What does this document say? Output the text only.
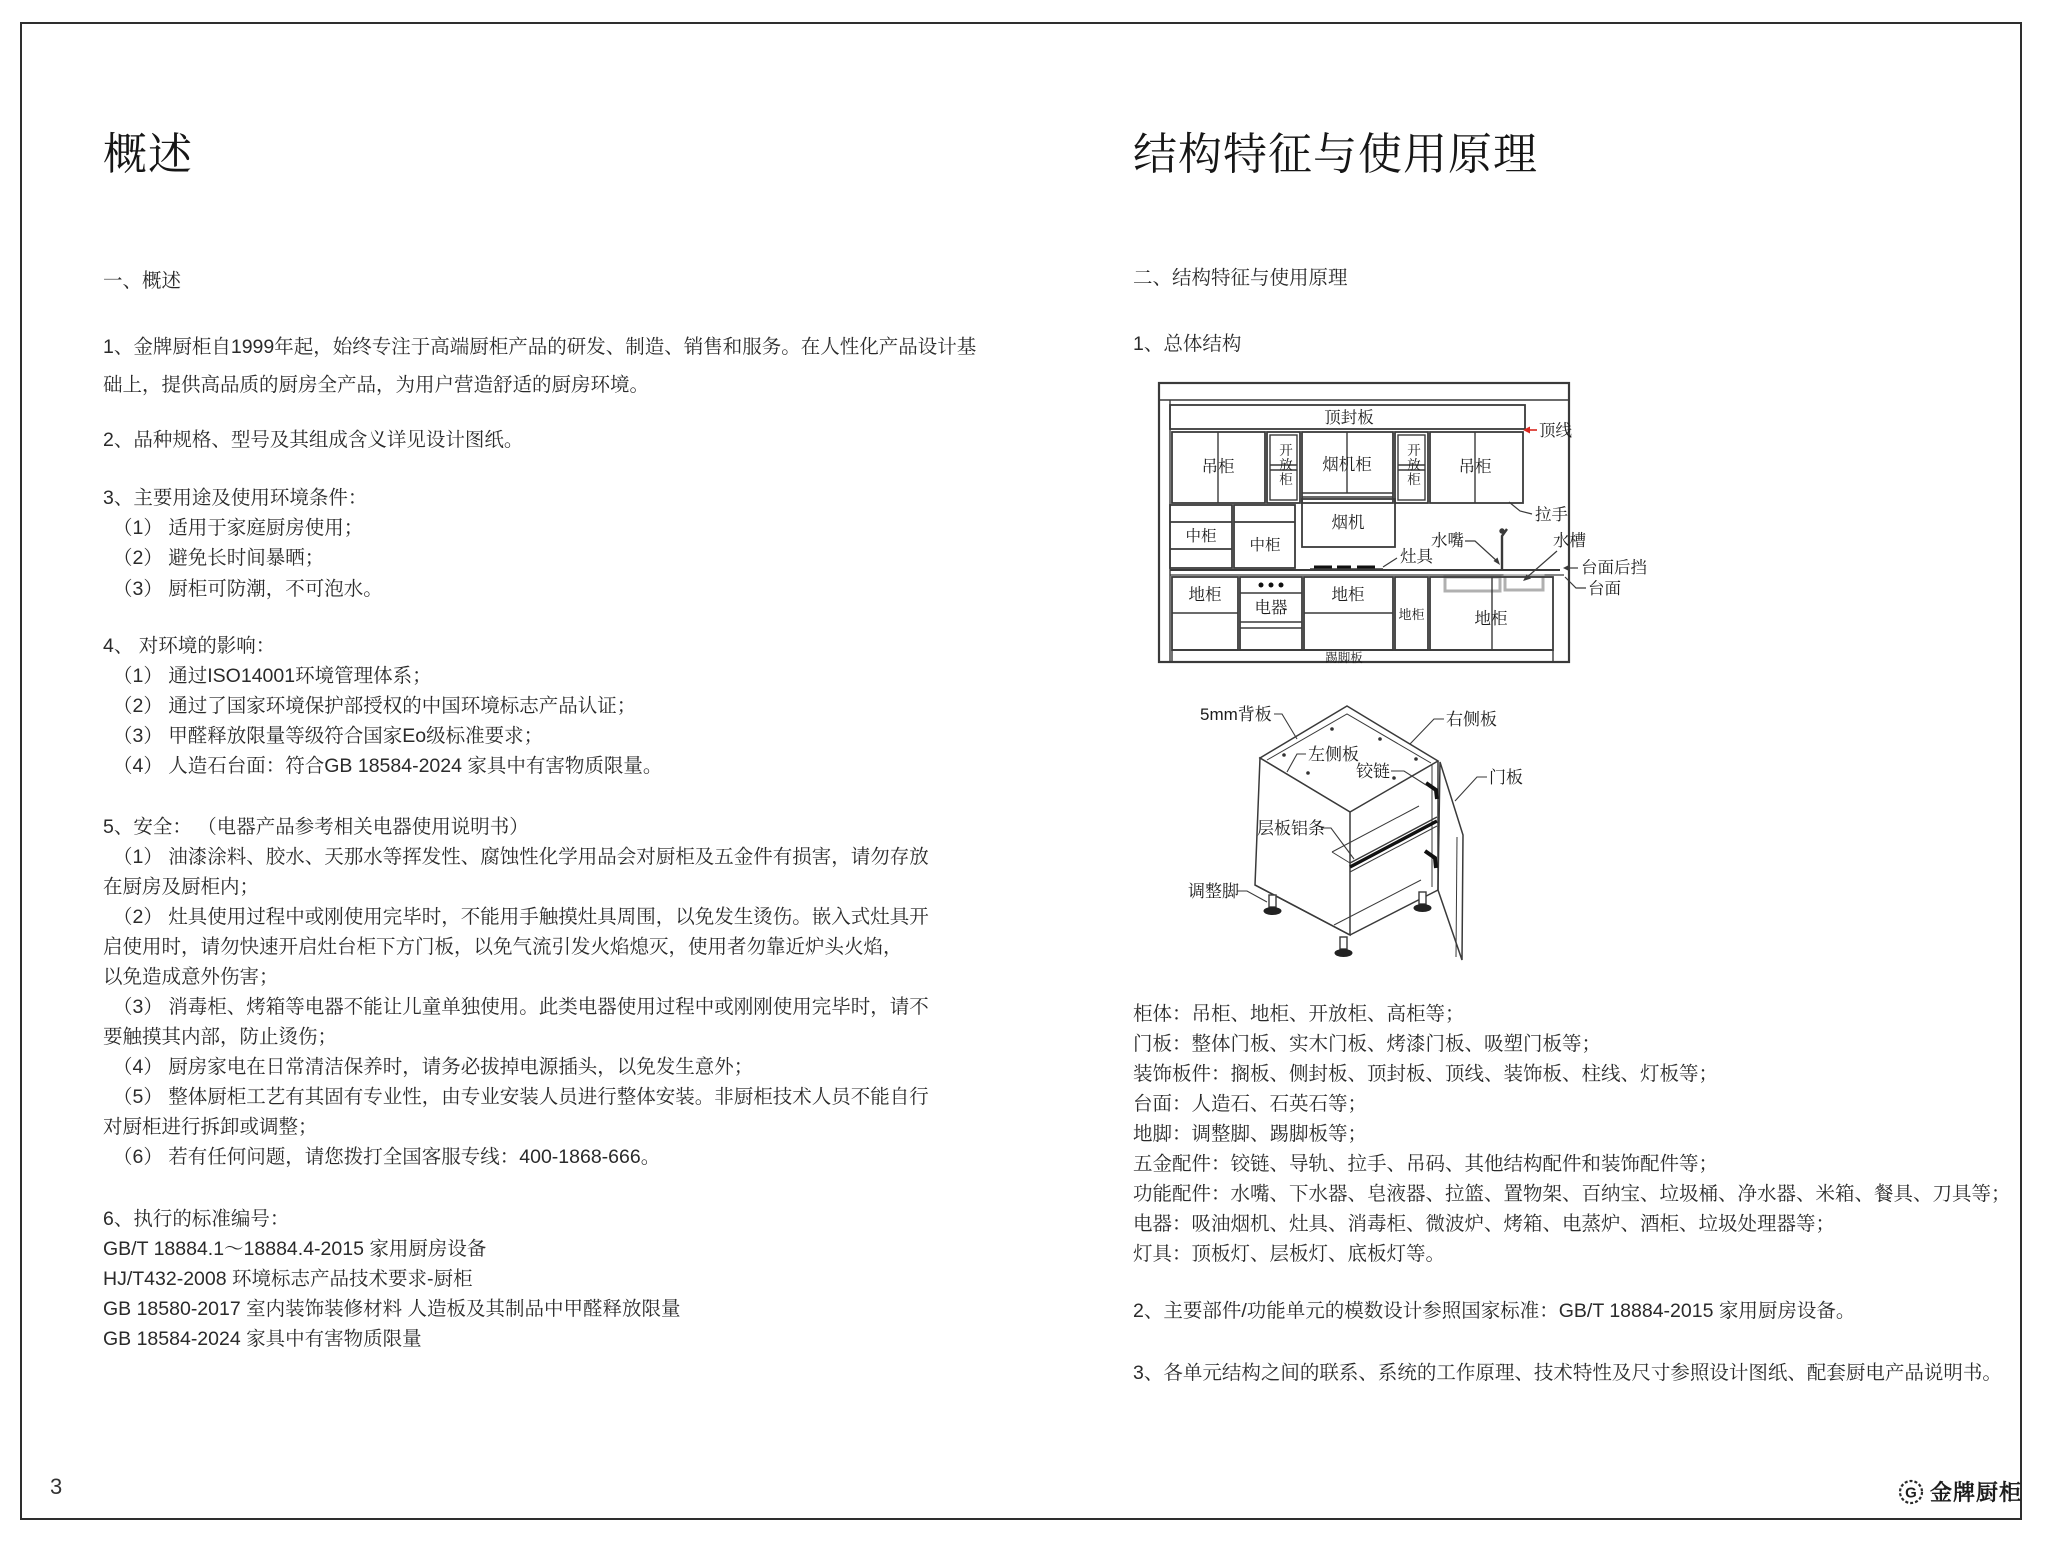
概述
一、概述
1、金牌厨柜自1999年起，始终专注于高端厨柜产品的研发、制造、销售和服务。在人性化产品设计基
础上，提供高品质的厨房全产品，为用户营造舒适的厨房环境。
2、品种规格、型号及其组成含义详见设计图纸。
3、主要用途及使用环境条件：
（1） 适用于家庭厨房使用；
（2） 避免长时间暴晒；
（3） 厨柜可防潮，不可泡水。
4、 对环境的影响：
（1） 通过ISO14001环境管理体系；
（2） 通过了国家环境保护部授权的中国环境标志产品认证；
（3） 甲醛释放限量等级符合国家Eo级标准要求；
（4） 人造石台面：符合GB 18584-2024 家具中有害物质限量。
5、安全： （电器产品参考相关电器使用说明书）
（1） 油漆涂料、胶水、天那水等挥发性、腐蚀性化学用品会对厨柜及五金件有损害，请勿存放
在厨房及厨柜内；
（2） 灶具使用过程中或刚使用完毕时，不能用手触摸灶具周围，以免发生烫伤。嵌入式灶具开
启使用时，请勿快速开启灶台柜下方门板，以免气流引发火焰熄灭，使用者勿靠近炉头火焰，
以免造成意外伤害；
（3） 消毒柜、烤箱等电器不能让儿童单独使用。此类电器使用过程中或刚刚使用完毕时，请不
要触摸其内部，防止烫伤；
（4） 厨房家电在日常清洁保养时，请务必拔掉电源插头，以免发生意外；
（5） 整体厨柜工艺有其固有专业性，由专业安装人员进行整体安装。非厨柜技术人员不能自行
对厨柜进行拆卸或调整；
（6） 若有任何问题，请您拨打全国客服专线：400-1868-666。
6、执行的标准编号：
GB/T 18884.1～18884.4-2015 家用厨房设备
HJ/T432-2008 环境标志产品技术要求-厨柜
GB 18580-2017 室内装饰装修材料 人造板及其制品中甲醛释放限量
GB 18584-2024 家具中有害物质限量
结构特征与使用原理
二、结构特征与使用原理
1、总体结构
顶封板
顶线
吊柜	开放柜	烟机柜	开放柜	吊柜
拉手
中柜
中柜
烟机
灶具
水嘴	水槽
台面后挡
台面
地柜
电器
地柜
地柜	地柜
踢脚板
5mm背板	右侧板
左侧板
铰链	门板
层板铝条
调整脚
柜体：吊柜、地柜、开放柜、高柜等；
门板：整体门板、实木门板、烤漆门板、吸塑门板等；
装饰板件：搁板、侧封板、顶封板、顶线、装饰板、柱线、灯板等；
台面：人造石、石英石等；
地脚：调整脚、踢脚板等；
五金配件：铰链、导轨、拉手、吊码、其他结构配件和装饰配件等；
功能配件：水嘴、下水器、皂液器、拉篮、置物架、百纳宝、垃圾桶、净水器、米箱、餐具、刀具等；
电器：吸油烟机、灶具、消毒柜、微波炉、烤箱、电蒸炉、酒柜、垃圾处理器等；
灯具：顶板灯、层板灯、底板灯等。
2、主要部件/功能单元的模数设计参照国家标准：GB/T 18884-2015 家用厨房设备。
3、各单元结构之间的联系、系统的工作原理、技术特性及尺寸参照设计图纸、配套厨电产品说明书。
3	G 金牌厨柜
